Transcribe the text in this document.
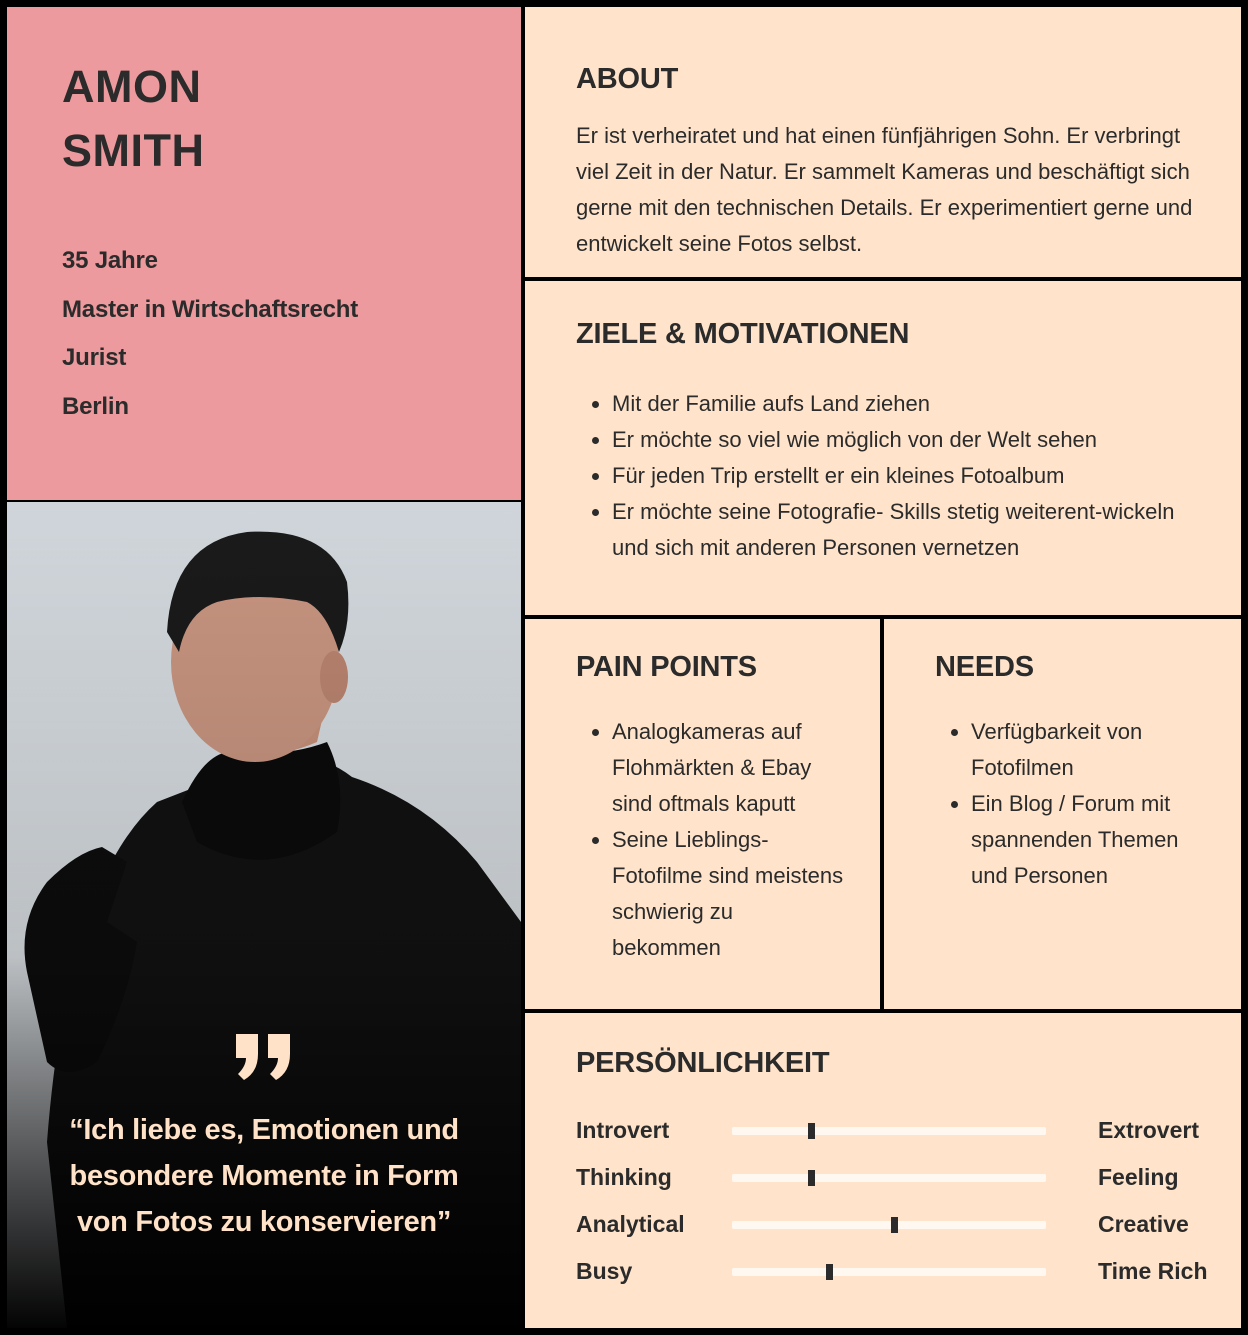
AMON

SMITH

35 Jahre
Master in Wirtschaftsrecht
Jurist
Berlin
“Ich liebe es, Emotionen und besondere Momente in Form von Fotos zu konservieren”
ABOUT

Er ist verheiratet und hat einen fünfjährigen Sohn. Er verbringt viel Zeit in der Natur. Er sammelt Kameras und beschäftigt sich gerne mit den technischen Details. Er experimentiert gerne und entwickelt seine Fotos selbst.

ZIELE & MOTIVATIONEN
• Mit der Familie aufs Land ziehen
• Er möchte so viel wie möglich von der Welt sehen
• Für jeden Trip erstellt er ein kleines Fotoalbum
• Er möchte seine Fotografie- Skills stetig weiterent-wickeln und sich mit anderen Personen vernetzen
PAIN POINTS
• Analogkameras auf Flohmärkten & Ebay sind oftmals kaputt
• Seine Lieblings-Fotofilme sind meistens schwierig zu bekommen
NEEDS
• Verfügbarkeit von Fotofilmen
• Ein Blog / Forum mit spannenden Themen und Personen
PERSÖNLICHKEIT
Introvert	Extrovert
Thinking	Feeling
Analytical	Creative
Busy	Time Rich
